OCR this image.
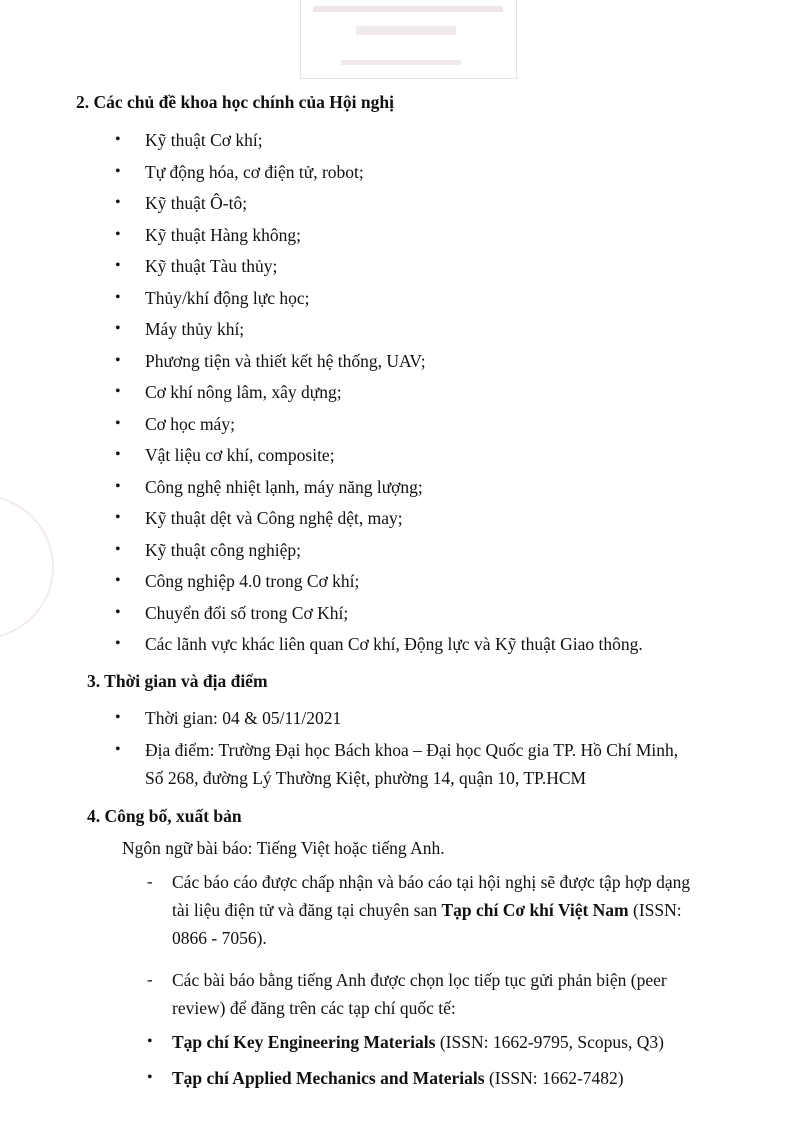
2. Các chủ đề khoa học chính của Hội nghị
• Kỹ thuật Cơ khí;
• Tự động hóa, cơ điện tử, robot;
• Kỹ thuật Ô-tô;
• Kỹ thuật Hàng không;
• Kỹ thuật Tàu thủy;
• Thủy/khí động lực học;
• Máy thủy khí;
• Phương tiện và thiết kết hệ thống, UAV;
• Cơ khí nông lâm, xây dựng;
• Cơ học máy;
• Vật liệu cơ khí, composite;
• Công nghệ nhiệt lạnh, máy năng lượng;
• Kỹ thuật dệt và Công nghệ dệt, may;
• Kỹ thuật công nghiệp;
• Công nghiệp 4.0 trong Cơ khí;
• Chuyển đổi số trong Cơ Khí;
• Các lãnh vực khác liên quan Cơ khí, Động lực và Kỹ thuật Giao thông.
3. Thời gian và địa điểm
• Thời gian: 04 & 05/11/2021
• Địa điểm: Trường Đại học Bách khoa – Đại học Quốc gia TP. Hồ Chí Minh,
Số 268, đường Lý Thường Kiệt, phường 14, quận 10, TP.HCM
4. Công bố, xuất bản
Ngôn ngữ bài báo: Tiếng Việt hoặc tiếng Anh.
- Các báo cáo được chấp nhận và báo cáo tại hội nghị sẽ được tập hợp dạng
tài liệu điện tử và đăng tại chuyên san Tạp chí Cơ khí Việt Nam (ISSN:
0866 - 7056).
- Các bài báo bằng tiếng Anh được chọn lọc tiếp tục gửi phản biện (peer
review) để đăng trên các tạp chí quốc tế:
• Tạp chí Key Engineering Materials (ISSN: 1662-9795, Scopus, Q3)
• Tạp chí Applied Mechanics and Materials (ISSN: 1662-7482)
